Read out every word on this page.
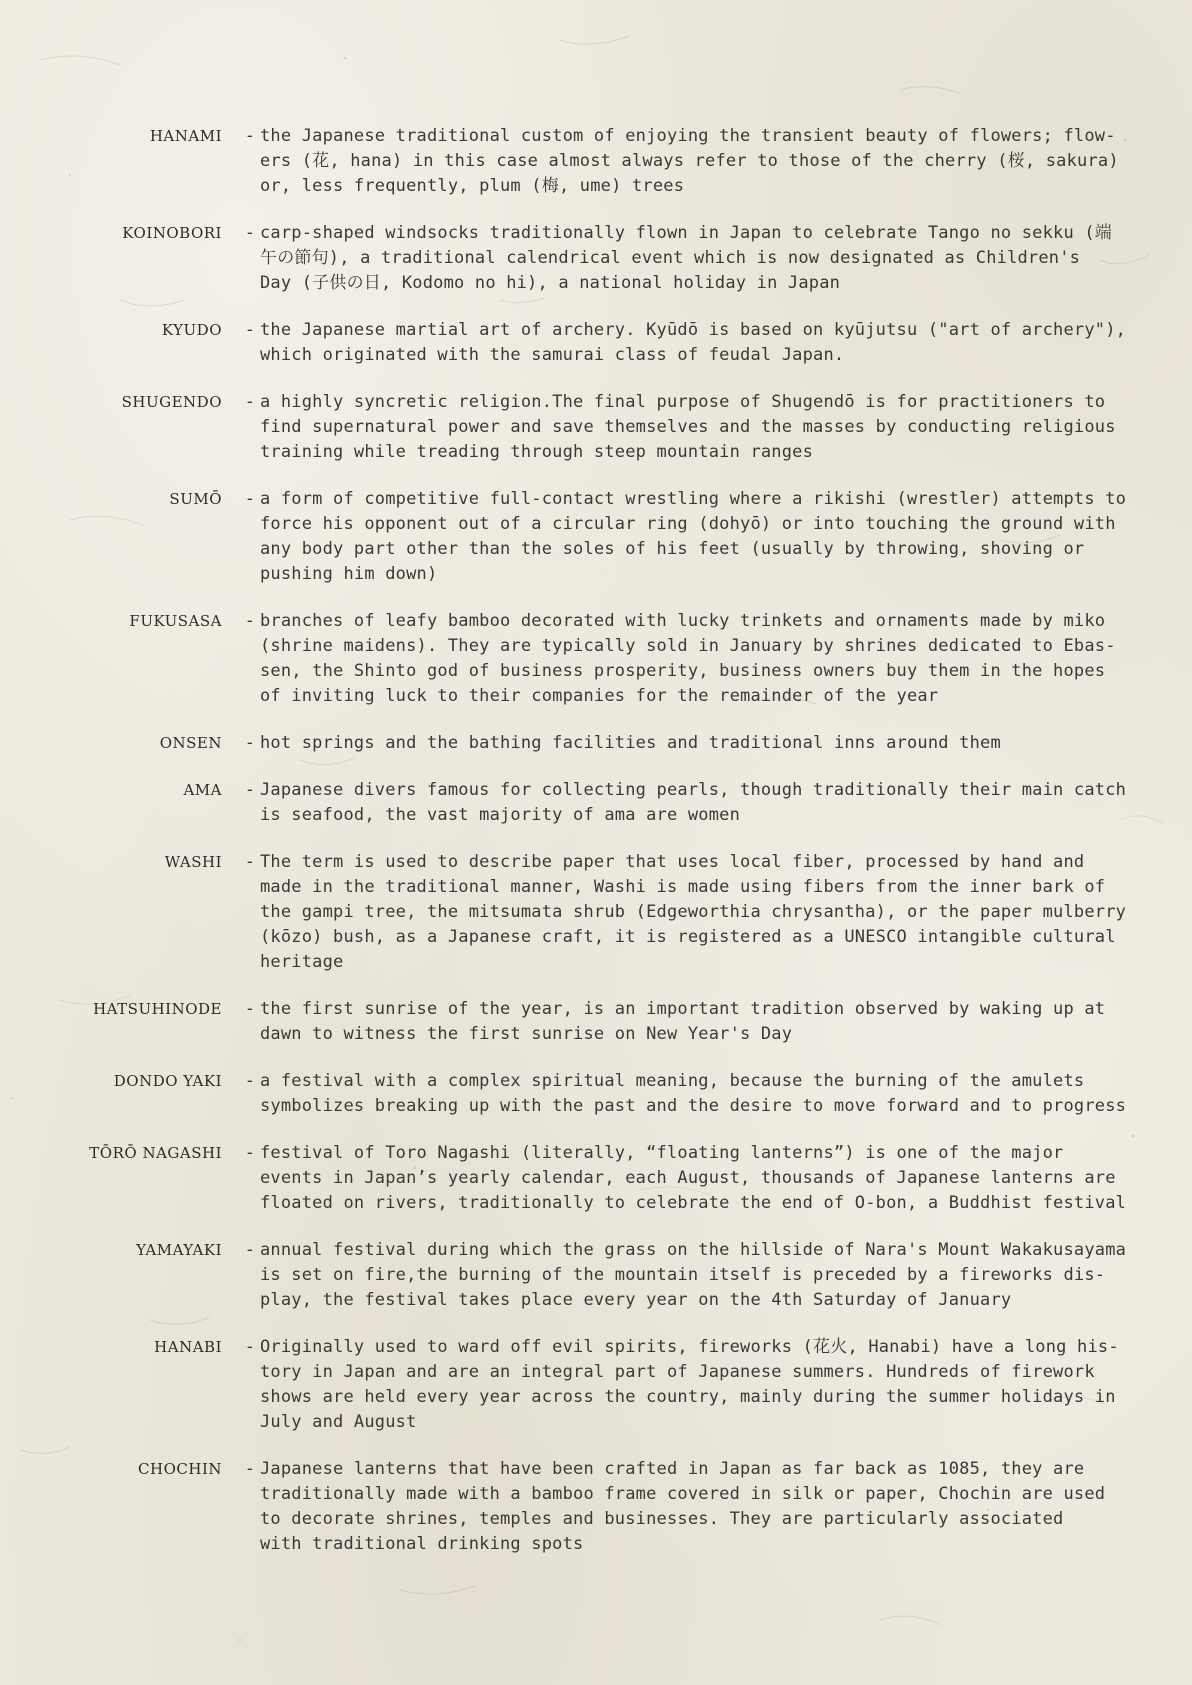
HANAMI	- the Japanese traditional custom of enjoying the transient beauty of flowers; flow-
ers (花, hana) in this case almost always refer to those of the cherry (桜, sakura)
or, less frequently, plum (梅, ume) trees
KOINOBORI	- carp-shaped windsocks traditionally flown in Japan to celebrate Tango no sekku (端
午の節句), a traditional calendrical event which is now designated as Children's
Day (子供の日, Kodomo no hi), a national holiday in Japan
KYUDO	- the Japanese martial art of archery. Kyūdō is based on kyūjutsu ("art of archery"),
which originated with the samurai class of feudal Japan.
SHUGENDO	- a highly syncretic religion.The final purpose of Shugendō is for practitioners to
find supernatural power and save themselves and the masses by conducting religious
training while treading through steep mountain ranges
SUMŌ	- a form of competitive full-contact wrestling where a rikishi (wrestler) attempts to
force his opponent out of a circular ring (dohyō) or into touching the ground with
any body part other than the soles of his feet (usually by throwing, shoving or
pushing him down)
FUKUSASA	- branches of leafy bamboo decorated with lucky trinkets and ornaments made by miko
(shrine maidens). They are typically sold in January by shrines dedicated to Ebas-
sen, the Shinto god of business prosperity, business owners buy them in the hopes
of inviting luck to their companies for the remainder of the year
ONSEN	- hot springs and the bathing facilities and traditional inns around them
AMA	- Japanese divers famous for collecting pearls, though traditionally their main catch
is seafood, the vast majority of ama are women
WASHI	- The term is used to describe paper that uses local fiber, processed by hand and
made in the traditional manner, Washi is made using fibers from the inner bark of
the gampi tree, the mitsumata shrub (Edgeworthia chrysantha), or the paper mulberry
(kōzo) bush, as a Japanese craft, it is registered as a UNESCO intangible cultural
heritage
HATSUHINODE	- the first sunrise of the year, is an important tradition observed by waking up at
dawn to witness the first sunrise on New Year's Day
DONDO YAKI	- a festival with a complex spiritual meaning, because the burning of the amulets
symbolizes breaking up with the past and the desire to move forward and to progress
TŌRŌ NAGASHI	- festival of Toro Nagashi (literally, “floating lanterns”) is one of the major
events in Japan’s yearly calendar, each August, thousands of Japanese lanterns are
floated on rivers, traditionally to celebrate the end of O-bon, a Buddhist festival
YAMAYAKI	- annual festival during which the grass on the hillside of Nara's Mount Wakakusayama
is set on fire,the burning of the mountain itself is preceded by a fireworks dis-
play, the festival takes place every year on the 4th Saturday of January
HANABI	- Originally used to ward off evil spirits, fireworks (花火, Hanabi) have a long his-
tory in Japan and are an integral part of Japanese summers. Hundreds of firework
shows are held every year across the country, mainly during the summer holidays in
July and August
CHOCHIN	- Japanese lanterns that have been crafted in Japan as far back as 1085, they are
traditionally made with a bamboo frame covered in silk or paper, Chochin are used
to decorate shrines, temples and businesses. They are particularly associated
with traditional drinking spots
